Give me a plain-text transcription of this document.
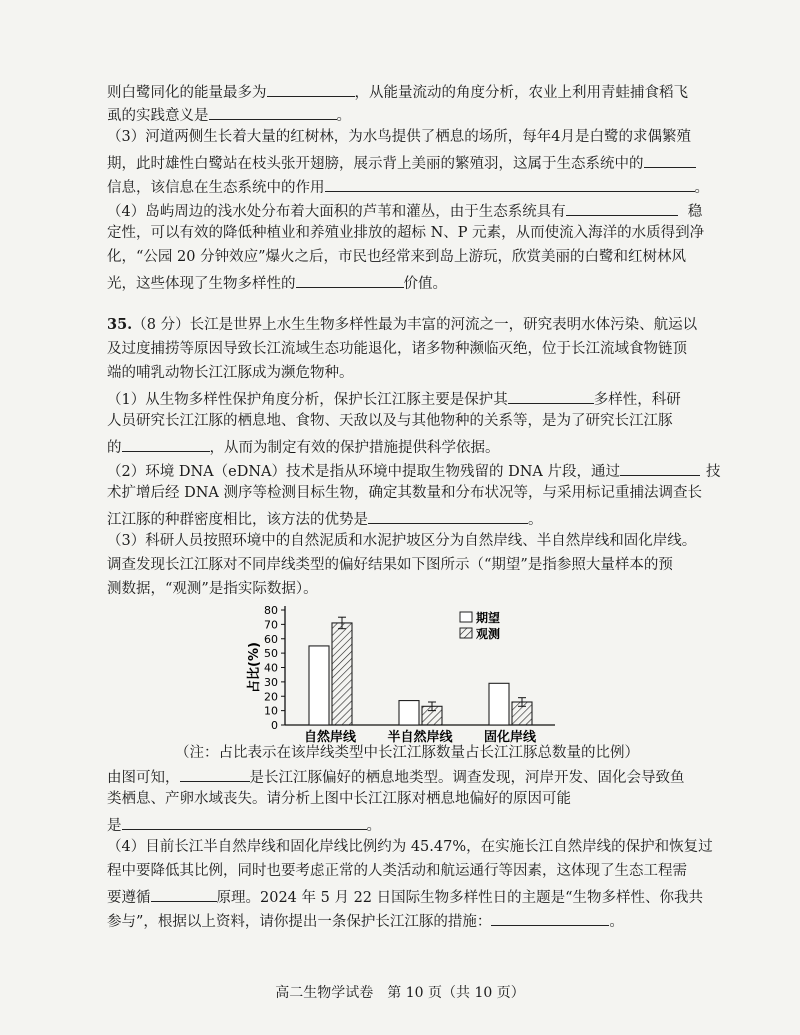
则白鹭同化的能量最多为	，从能量流动的角度分析，农业上利用青蛙捕食稻飞
虱的实践意义是	。
（3）河道两侧生长着大量的红树林，为水鸟提供了栖息的场所，每年4月是白鹭的求偶繁殖
期，此时雄性白鹭站在枝头张开翅膀，展示背上美丽的繁殖羽，这属于生态系统中的
信息，该信息在生态系统中的作用	。
（4）岛屿周边的浅水处分布着大面积的芦苇和灌丛，由于生态系统具有	稳
定性，可以有效的降低种植业和养殖业排放的超标 N、P 元素，从而使流入海洋的水质得到净
化，“公园 20 分钟效应”爆火之后，市民也经常来到岛上游玩，欣赏美丽的白鹭和红树林风
光，这些体现了生物多样性的	价值。
35.（8 分）长江是世界上水生生物多样性最为丰富的河流之一，研究表明水体污染、航运以
及过度捕捞等原因导致长江流域生态功能退化，诸多物种濒临灭绝，位于长江流域食物链顶
端的哺乳动物长江江豚成为濒危物种。
（1）从生物多样性保护角度分析，保护长江江豚主要是保护其	多样性，科研
人员研究长江江豚的栖息地、食物、天敌以及与其他物种的关系等，是为了研究长江江豚
的	，从而为制定有效的保护措施提供科学依据。
（2）环境 DNA（eDNA）技术是指从环境中提取生物残留的 DNA 片段，通过	技
术扩增后经 DNA 测序等检测目标生物，确定其数量和分布状况等，与采用标记重捕法调查长
江江豚的种群密度相比，该方法的优势是	。
（3）科研人员按照环境中的自然泥质和水泥护坡区分为自然岸线、半自然岸线和固化岸线。
0
10
20
30
40
50
60
70
80
占比(%)
自然岸线 半自然岸线 固化岸线
期望
观测
（注：占比表示在该岸线类型中长江江豚数量占长江江豚总数量的比例）
由图可知，	是长江江豚偏好的栖息地类型。调查发现，河岸开发、固化会导致鱼
类栖息、产卵水域丧失。请分析上图中长江江豚对栖息地偏好的原因可能
是	。
（4）目前长江半自然岸线和固化岸线比例约为 45.47%，在实施长江自然岸线的保护和恢复过
程中要降低其比例，同时也要考虑正常的人类活动和航运通行等因素，这体现了生态工程需
要遵循	原理。2024 年 5 月 22 日国际生物多样性日的主题是“生物多样性、你我共
参与”，根据以上资料，请你提出一条保护长江江豚的措施：	。
高二生物学试卷　第 10 页（共 10 页）
调查发现长江江豚对不同岸线类型的偏好结果如下图所示（“期望”是指参照大量样本的预
测数据，“观测”是指实际数据）。
